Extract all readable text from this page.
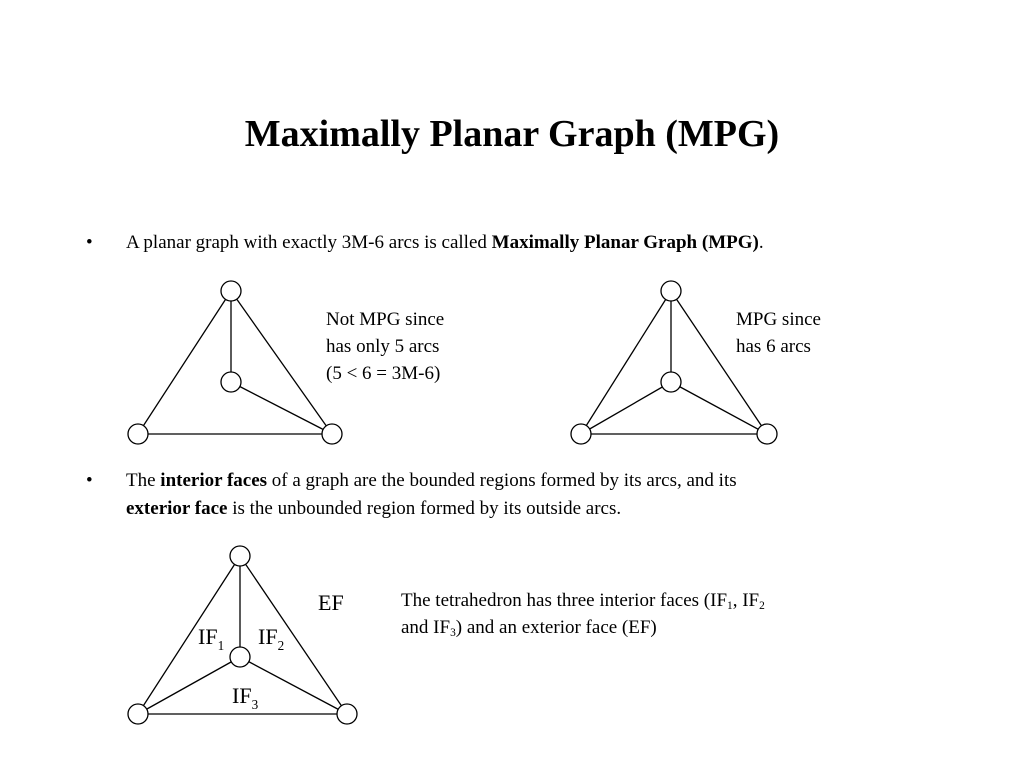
Maximally Planar Graph (MPG)
• A planar graph with exactly 3M-6 arcs is called Maximally Planar Graph (MPG).
Not MPG since
has only 5 arcs
(5 < 6 = 3M-6)
MPG since
has 6 arcs
• The interior faces of a graph are the bounded regions formed by its arcs, and its
exterior face is the unbounded region formed by its outside arcs.
EF
$IF_1$ $IF_2$
$IF_3$
The tetrahedron has three interior faces ($IF_1$, $IF_2$
and $IF_3$) and an exterior face (EF)
